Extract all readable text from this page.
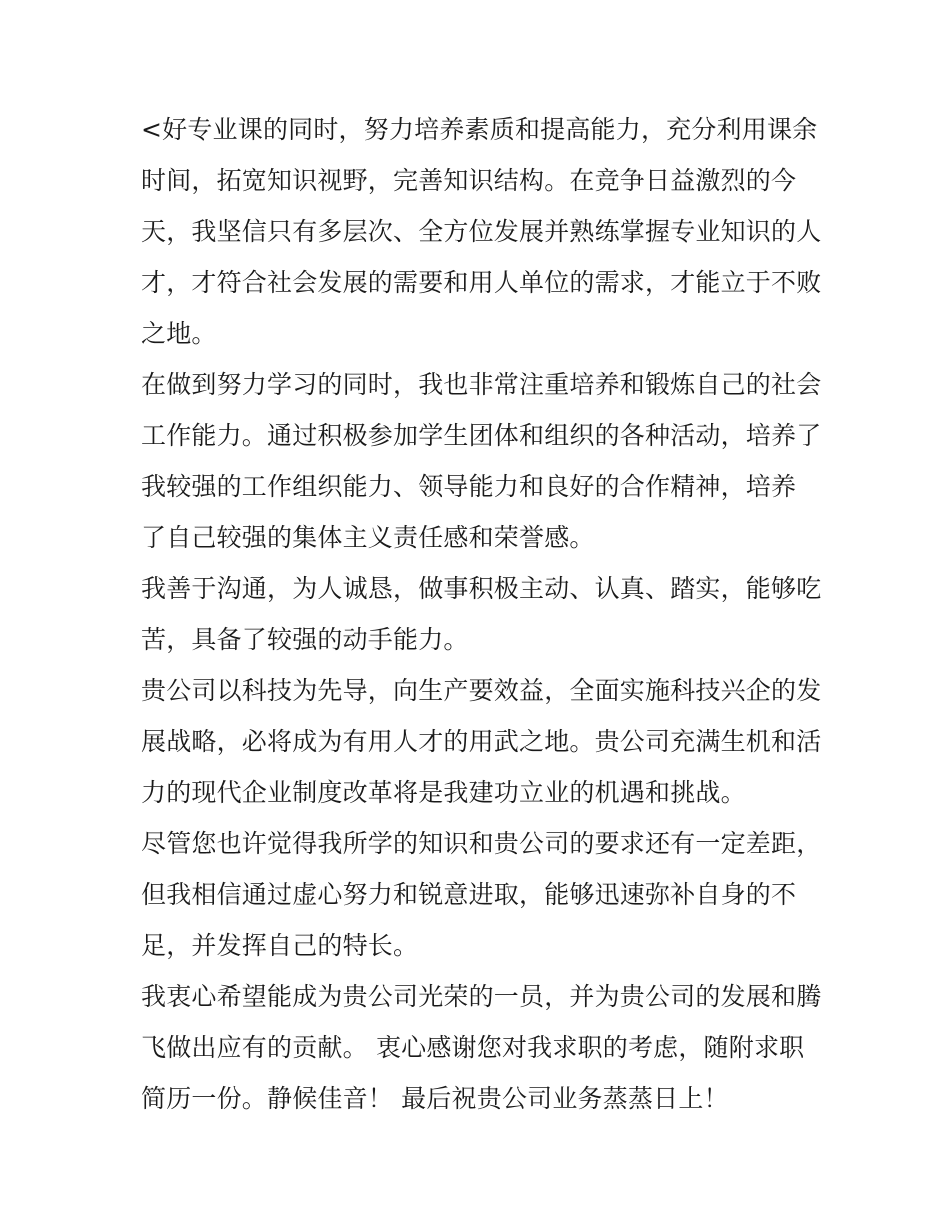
<好专业课的同时，努力培养素质和提高能力，充分利用课余
时间，拓宽知识视野，完善知识结构。在竞争日益激烈的今
天，我坚信只有多层次、全方位发展并熟练掌握专业知识的人
才，才符合社会发展的需要和用人单位的需求，才能立于不败
之地。
在做到努力学习的同时，我也非常注重培养和锻炼自己的社会
工作能力。通过积极参加学生团体和组织的各种活动，培养了
我较强的工作组织能力、领导能力和良好的合作精神，培养
了自己较强的集体主义责任感和荣誉感。
我善于沟通，为人诚恳，做事积极主动、认真、踏实，能够吃
苦，具备了较强的动手能力。
贵公司以科技为先导，向生产要效益，全面实施科技兴企的发
展战略，必将成为有用人才的用武之地。贵公司充满生机和活
力的现代企业制度改革将是我建功立业的机遇和挑战。
尽管您也许觉得我所学的知识和贵公司的要求还有一定差距，
但我相信通过虚心努力和锐意进取，能够迅速弥补自身的不
足，并发挥自己的特长。
我衷心希望能成为贵公司光荣的一员，并为贵公司的发展和腾
飞做出应有的贡献。 衷心感谢您对我求职的考虑，随附求职
简历一份。静候佳音！ 最后祝贵公司业务蒸蒸日上！
